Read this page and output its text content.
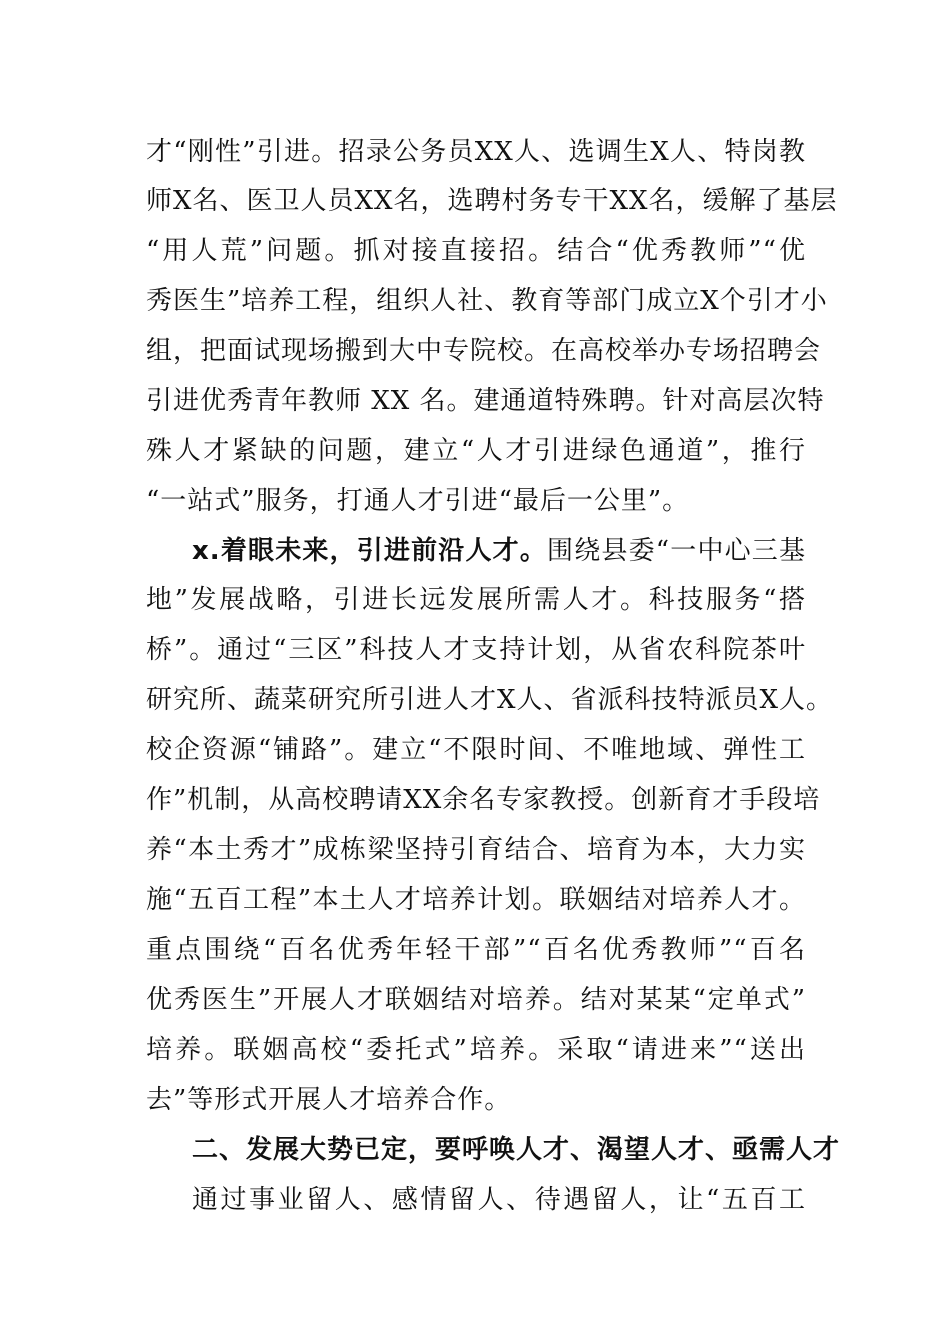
才“刚性”引进。招录公务员XX人、选调生X人、特岗教
师X名、医卫人员XX名，选聘村务专干XX名，缓解了基层
“用人荒”问题。抓对接直接招。结合“优秀教师”“优
秀医生”培养工程，组织人社、教育等部门成立X个引才小
组，把面试现场搬到大中专院校。在高校举办专场招聘会
引进优秀青年教师 XX 名。建通道特殊聘。针对高层次特
殊人才紧缺的问题，建立“人才引进绿色通道”，推行
“一站式”服务，打通人才引进“最后一公里”。
x.着眼未来，引进前沿人才。围绕县委“一中心三基
地”发展战略，引进长远发展所需人才。科技服务“搭
桥”。通过“三区”科技人才支持计划，从省农科院茶叶
研究所、蔬菜研究所引进人才X人、省派科技特派员X人。
校企资源“铺路”。建立“不限时间、不唯地域、弹性工
作”机制，从高校聘请XX余名专家教授。创新育才手段培
养“本土秀才”成栋梁坚持引育结合、培育为本，大力实
施“五百工程”本土人才培养计划。联姻结对培养人才。
重点围绕“百名优秀年轻干部”“百名优秀教师”“百名
优秀医生”开展人才联姻结对培养。结对某某“定单式”
培养。联姻高校“委托式”培养。采取“请进来”“送出
去”等形式开展人才培养合作。
二、发展大势已定，要呼唤人才、渴望人才、亟需人才
通过事业留人、感情留人、待遇留人，让“五百工
